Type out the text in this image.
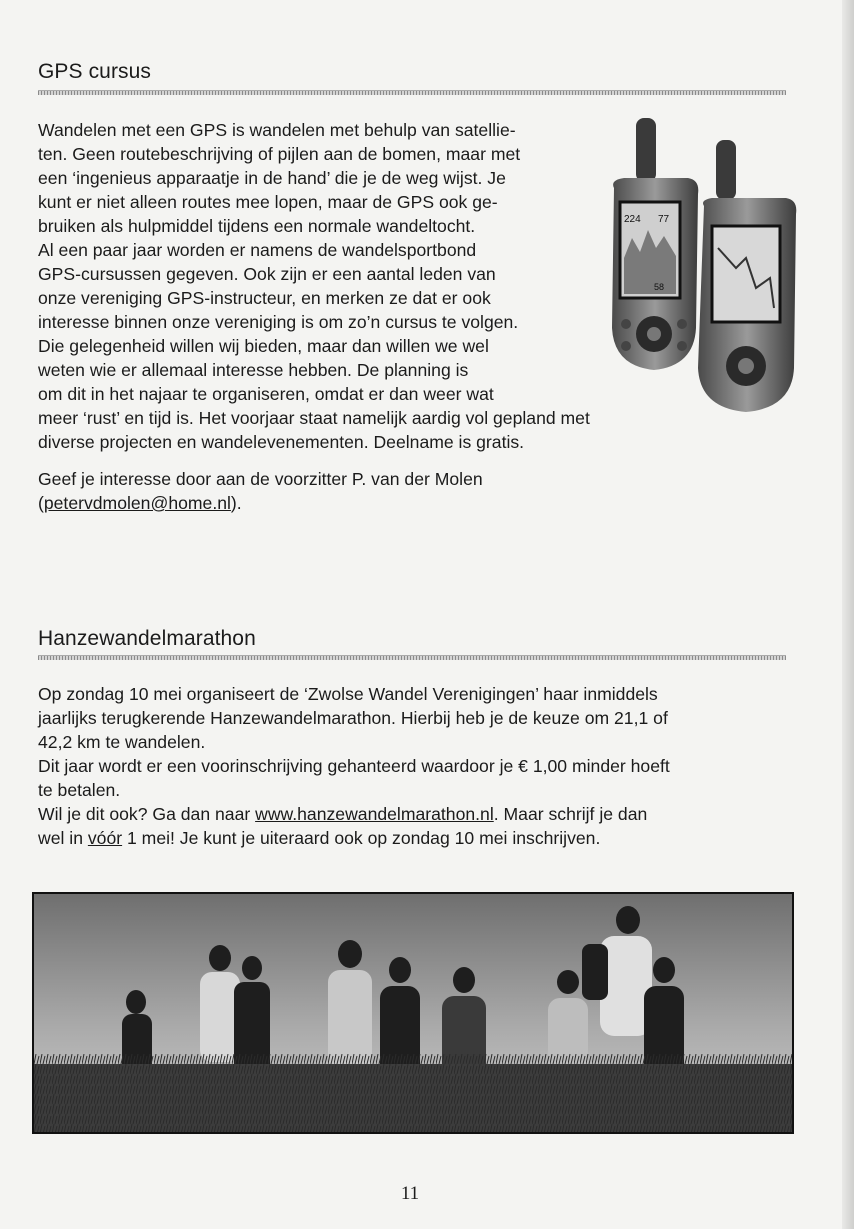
GPS cursus
Wandelen met een GPS is wandelen met behulp van satellie-
ten. Geen routebeschrijving of pijlen aan de bomen, maar met
een ‘ingenieus apparaatje in de hand’ die je de weg wijst. Je
kunt er niet alleen routes mee lopen, maar de GPS ook ge-
bruiken als hulpmiddel tijdens een normale wandeltocht.
Al een paar jaar worden er namens de wandelsportbond
GPS-cursussen gegeven. Ook zijn er een aantal leden van
onze vereniging GPS-instructeur, en merken ze dat er ook
interesse binnen onze vereniging is om zo’n cursus te volgen.
Die gelegenheid willen wij bieden, maar dan willen we wel
weten wie er allemaal interesse hebben. De planning is
om dit in het najaar te organiseren, omdat er dan weer wat
meer ‘rust’ en tijd is. Het voorjaar staat namelijk aardig vol gepland met
diverse projecten en wandelevenementen. Deelname is gratis.
Geef je interesse door aan de voorzitter P. van der Molen
(petervdmolen@home.nl).
224 77
58
Hanzewandelmarathon
Op zondag 10 mei organiseert de ‘Zwolse Wandel Verenigingen’ haar inmiddels
jaarlijks terugkerende Hanzewandelmarathon. Hierbij heb je de keuze om 21,1 of
42,2 km te wandelen.
Dit jaar wordt er een voorinschrijving gehanteerd waardoor je € 1,00 minder hoeft
te betalen.
Wil je dit ook? Ga dan naar www.hanzewandelmarathon.nl. Maar schrijf je dan
wel in vóór 1 mei! Je kunt je uiteraard ook op zondag 10 mei inschrijven.
11
